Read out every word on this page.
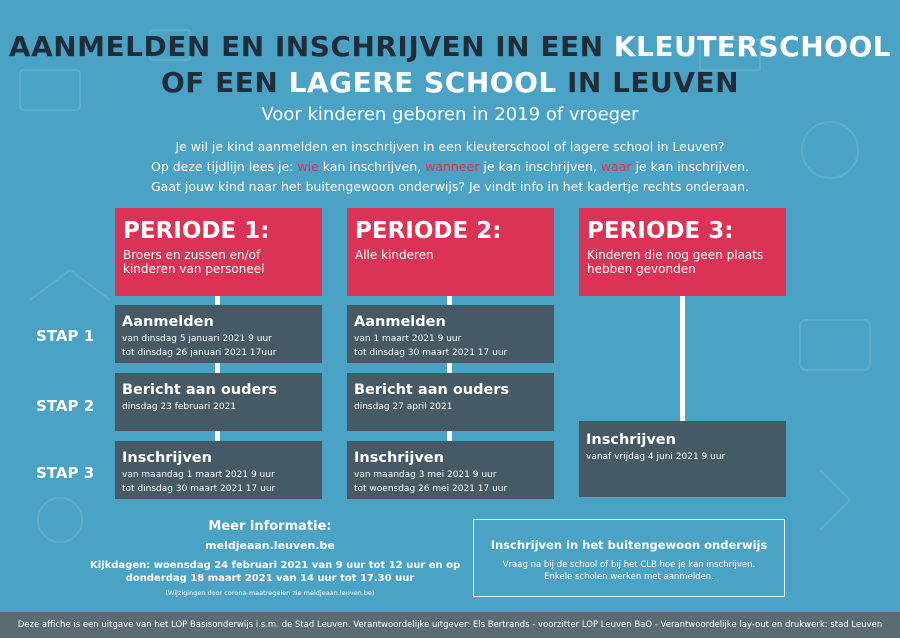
AANMELDEN EN INSCHRIJVEN IN EEN KLEUTERSCHOOL
OF EEN LAGERE SCHOOL IN LEUVEN
Voor kinderen geboren in 2019 of vroeger
Je wil je kind aanmelden en inschrijven in een kleuterschool of lagere school in Leuven?
Op deze tijdlijn lees je: wie kan inschrijven, wanneer je kan inschrijven, waar je kan inschrijven.
Gaat jouw kind naar het buitengewoon onderwijs? Je vindt info in het kadertje rechts onderaan.
STAP 1
STAP 2
STAP 3
PERIODE 1:
Broers en zussen en/of kinderen van personeel
Aanmelden
van dinsdag 5 januari 2021 9 uur
tot dinsdag 26 januari 2021 17uur
Bericht aan ouders
dinsdag 23 februari 2021
Inschrijven
van maandag 1 maart 2021 9 uur
tot dinsdag 30 maart 2021 17 uur
PERIODE 2:
Alle kinderen
Aanmelden
van 1 maart 2021 9 uur
tot dinsdag 30 maart 2021 17 uur
Bericht aan ouders
dinsdag 27 april 2021
Inschrijven
van maandag 3 mei 2021 9 uur
tot woensdag 26 mei 2021 17 uur
PERIODE 3:
Kinderen die nog geen plaats hebben gevonden
Inschrijven
vanaf vrijdag 4 juni 2021 9 uur
Meer informatie:
meldjeaan.leuven.be
Kijkdagen: woensdag 24 februari 2021 van 9 uur tot 12 uur en op
donderdag 18 maart 2021 van 14 uur tot 17.30 uur
(Wijzigingen door corona-maatregelen zie meldjeaan.leuven.be)
Inschrijven in het buitengewoon onderwijs
Vraag na bij de school of bij het CLB hoe je kan inschrijven.
Enkele scholen werken met aanmelden.
Deze affiche is een uitgave van het LOP Basisonderwijs i.s.m. de Stad Leuven. Verantwoordelijke uitgever: Els Bertrands - voorzitter LOP Leuven BaO - Verantwoordelijke lay-out en drukwerk: stad Leuven
